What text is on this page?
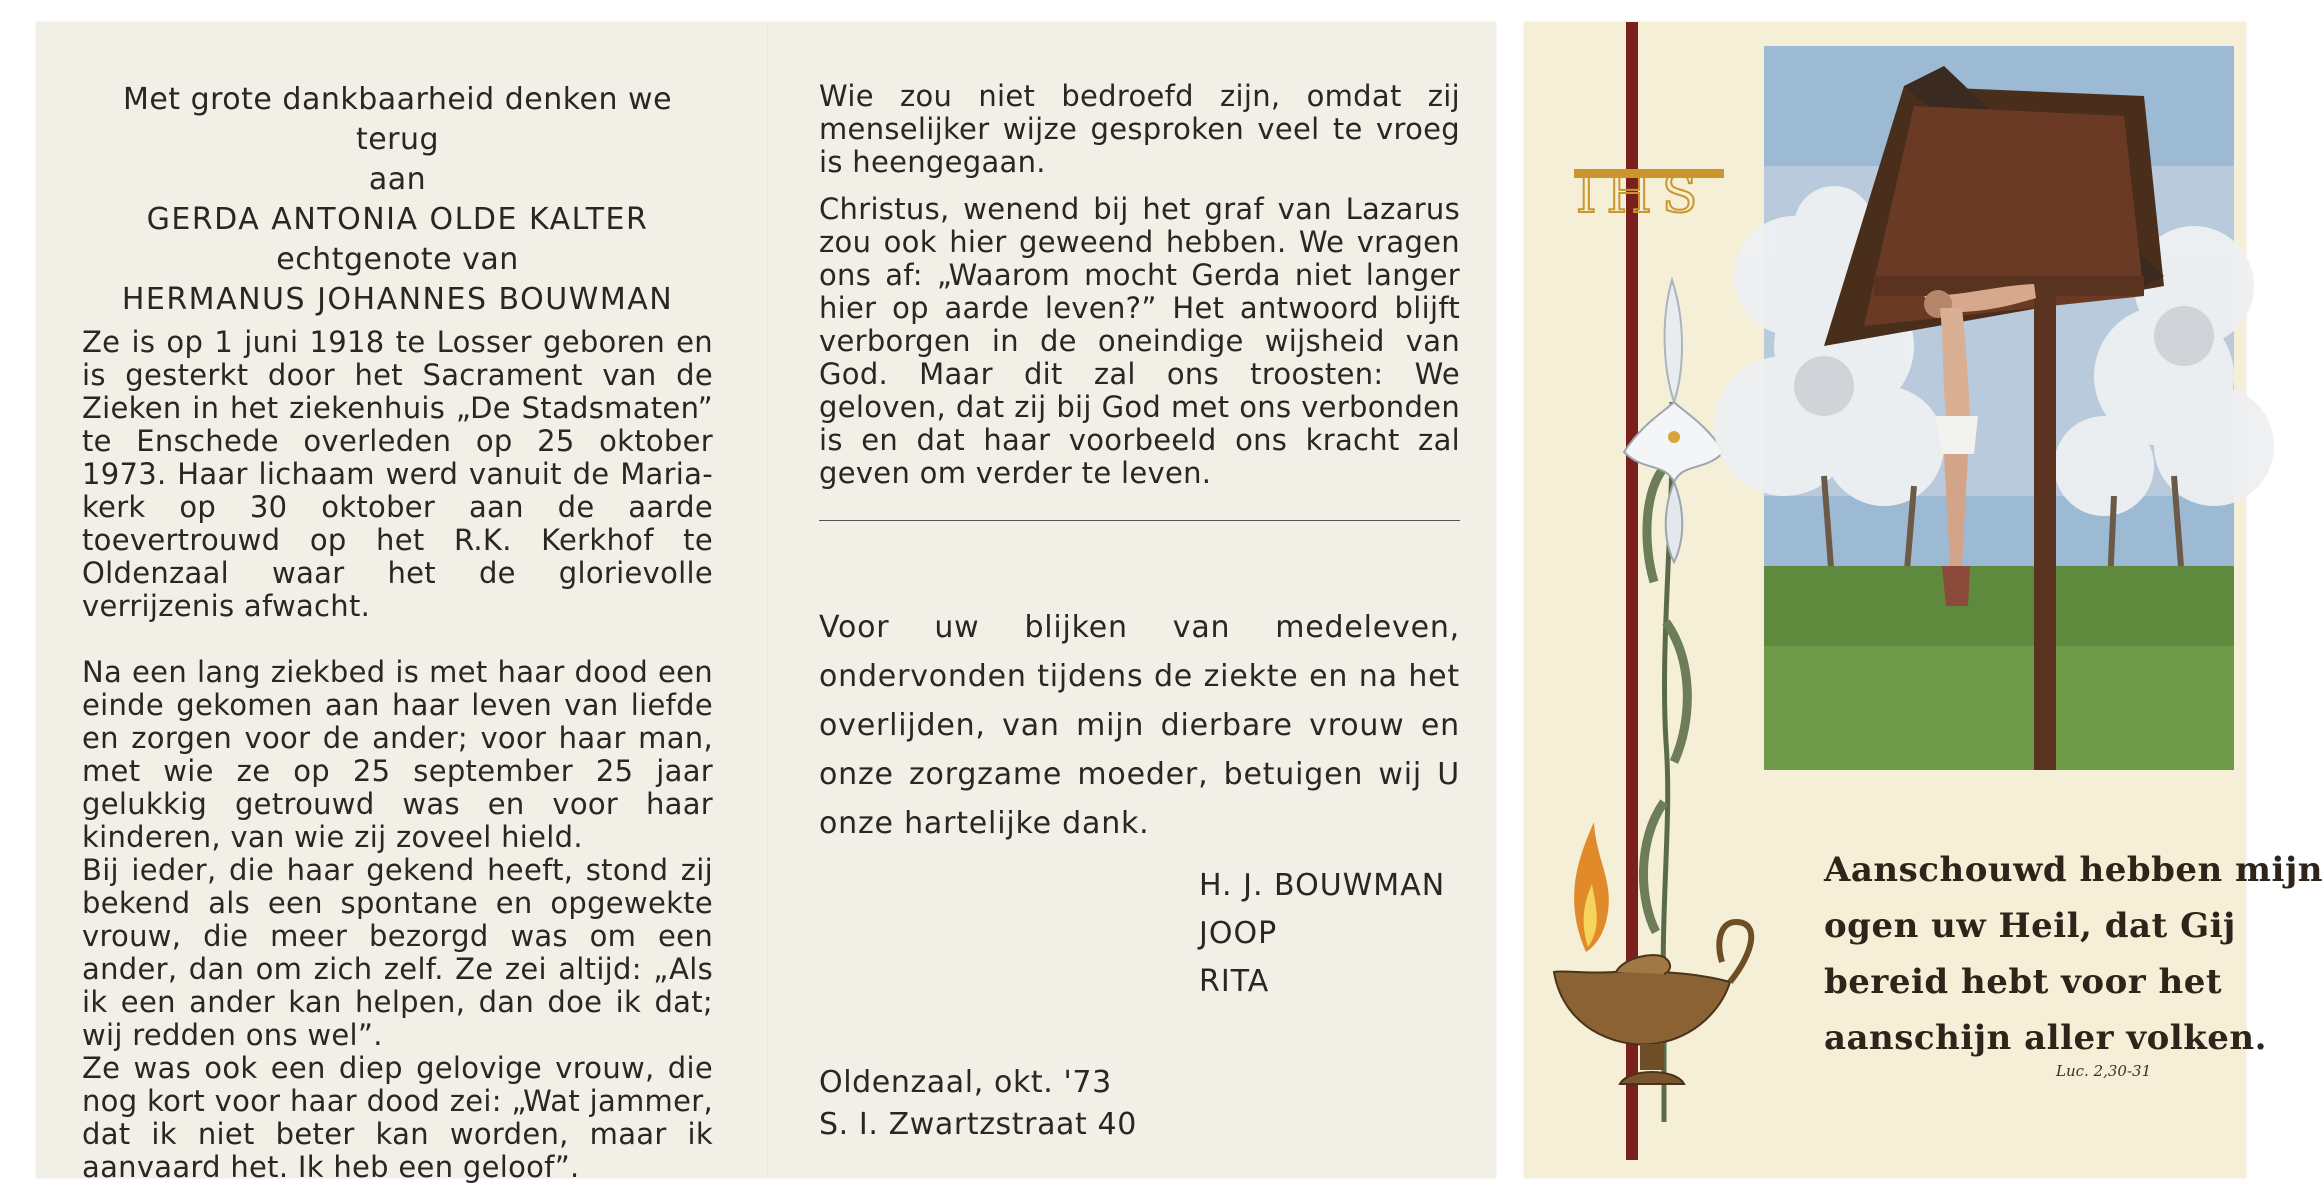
Met grote dankbaarheid denken we terug
aan
GERDA ANTONIA OLDE KALTER
echtgenote van
HERMANUS JOHANNES BOUWMAN

Ze is op 1 juni 1918 te Losser geboren en is gesterkt door het Sacrament van de Zieken in het ziekenhuis „De Stadsmaten” te Enschede overleden op 25 oktober 1973. Haar lichaam werd vanuit de Maria-kerk op 30 oktober aan de aarde toevertrouwd op het R.K. Kerkhof te Oldenzaal waar het de glorievolle verrijzenis afwacht.

Na een lang ziekbed is met haar dood een einde gekomen aan haar leven van liefde en zorgen voor de ander; voor haar man, met wie ze op 25 september 25 jaar gelukkig getrouwd was en voor haar kinderen, van wie zij zoveel hield.

Bij ieder, die haar gekend heeft, stond zij bekend als een spontane en opgewekte vrouw, die meer bezorgd was om een ander, dan om zich zelf. Ze zei altijd: „Als ik een ander kan helpen, dan doe ik dat; wij redden ons wel”.

Ze was ook een diep gelovige vrouw, die nog kort voor haar dood zei: „Wat jammer, dat ik niet beter kan worden, maar ik aanvaard het. Ik heb een geloof”.

Wie zou niet bedroefd zijn, omdat zij menselijker wijze gesproken veel te vroeg is heengegaan.

Christus, wenend bij het graf van Lazarus zou ook hier geweend hebben. We vragen ons af: „Waarom mocht Gerda niet langer hier op aarde leven?” Het antwoord blijft verborgen in de oneindige wijsheid van God. Maar dit zal ons troosten: We geloven, dat zij bij God met ons verbonden is en dat haar voorbeeld ons kracht zal geven om verder te leven.

Voor uw blijken van medeleven, ondervonden tijdens de ziekte en na het overlijden, van mijn dierbare vrouw en onze zorgzame moeder, betuigen wij U onze hartelijke dank.

H. J. BOUWMAN
JOOP
RITA
Oldenzaal, okt. '73
S. I. Zwartzstraat 40
IHS
Aanschouwd hebben mijn
ogen uw Heil, dat Gij
bereid hebt voor het
aanschijn aller volken.
Luc. 2,30-31
